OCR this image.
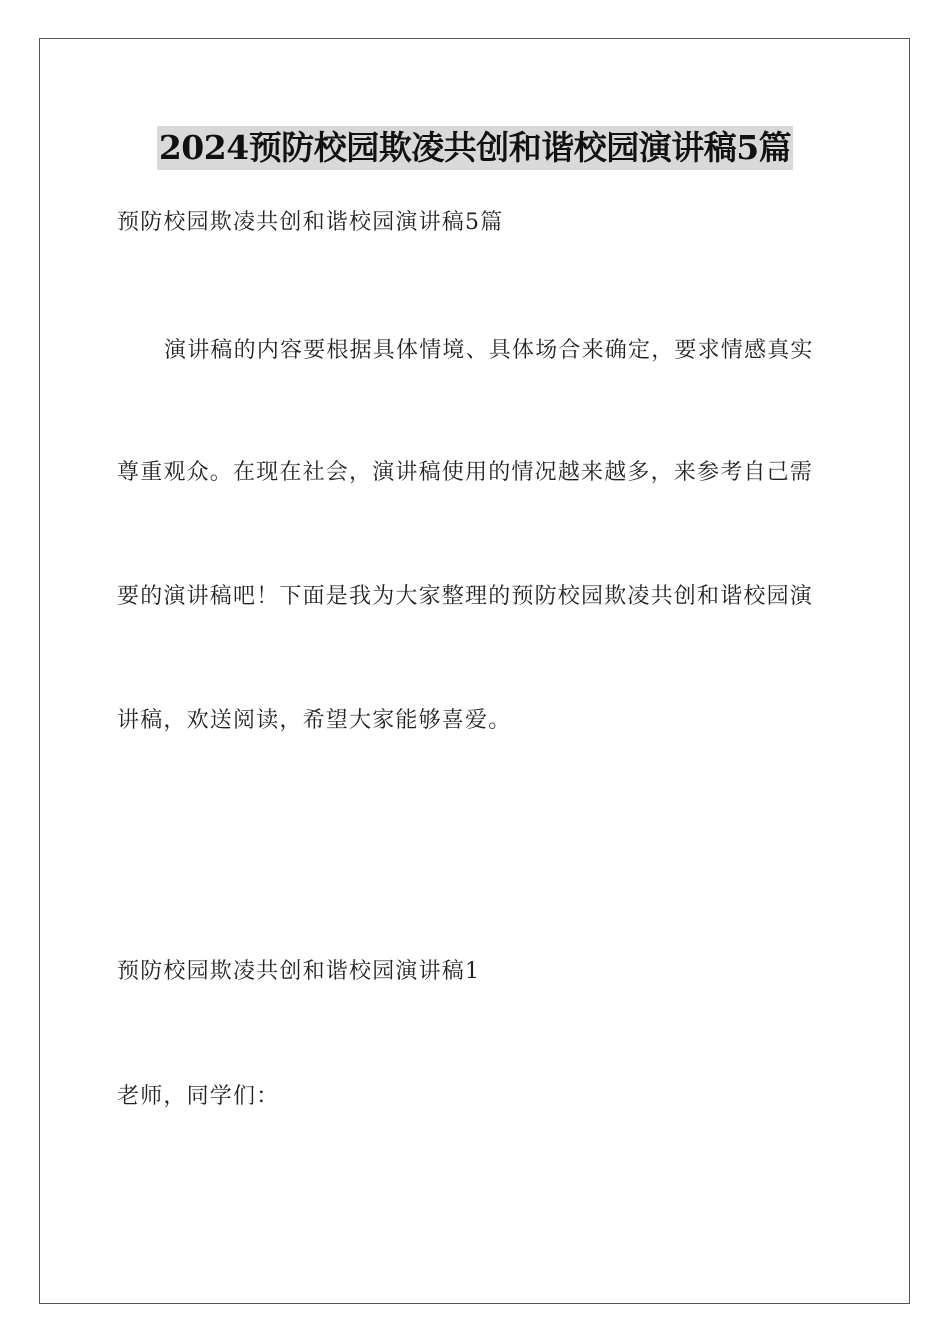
2024预防校园欺凌共创和谐校园演讲稿5篇

预防校园欺凌共创和谐校园演讲稿5篇

演讲稿的内容要根据具体情境、具体场合来确定，要求情感真实

尊重观众。在现在社会，演讲稿使用的情况越来越多，来参考自己需

要的演讲稿吧！下面是我为大家整理的预防校园欺凌共创和谐校园演

讲稿，欢送阅读，希望大家能够喜爱。

预防校园欺凌共创和谐校园演讲稿1

老师，同学们：
